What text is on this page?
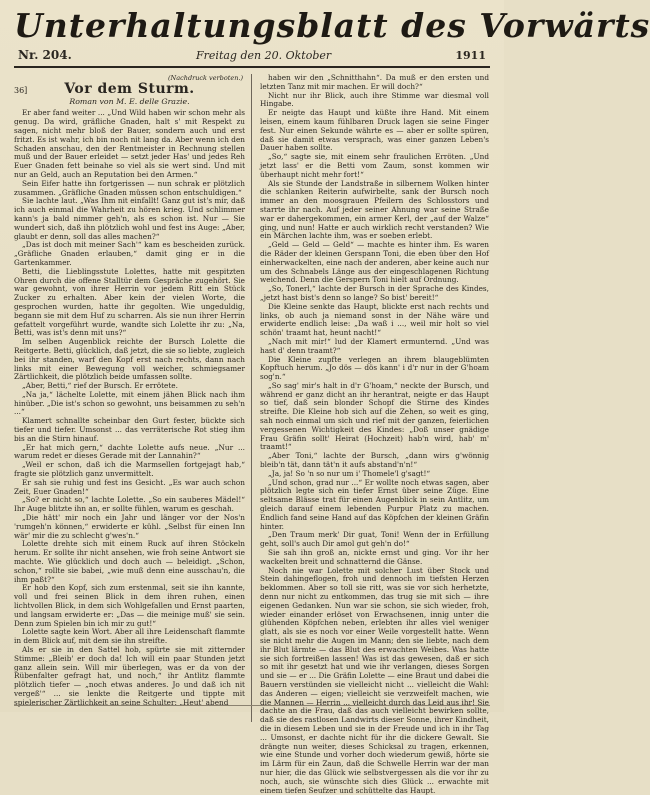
Unterhaltungsblatt des Vorwärts
Nr. 204.	Freitag den 20. Oktober	1911
(Nachdruck verboten.)
36]	Vor dem Sturm.
Roman von M. E. delle Grazie.

Er aber fand weiter ... „Und Wild haben wir schon mehr als genug. Da wird, gräfliche Gnaden, halt s' mit Respekt zu sagen, nicht mehr bloß der Bauer, sondern auch und erst fritzt. Es ist wahr, ich bin noch nit lang da. Aber wenn ich den Schaden anschau, den der Rentmeister in Rechnung stellen muß und der Bauer erleidet — setzt jeder Has' und jedes Reh Euer Gnaden fett beinahe so viel als sie wert sind. Und mit nur an Geld, auch an Reputation bei den Armen.“

Sein Eifer hatte ihn fortgerissen — nun schrak er plötzlich zusammen. „Gräfliche Gnaden müssen schon entschuldigen.“

Sie lachte laut. „Was Ihm nit einfallt! Ganz gut ist's mir, daß ich auch einmal die Wahrheit zu hören krieg. Und schlimmer kann's ja bald nimmer geh'n, als es schon ist. Nur — Sie wundert sich, daß ihn plötzlich wohl und fest ins Auge: „Aber, glaubt er denn, soll das alles machen?“

„Das ist doch mit meiner Sach'“ kam es bescheiden zurück. „Gräfliche Gnaden erlauben,“ damit ging er in die Gartenkammer.

Betti, die Lieblingsstute Lolettes, hatte mit gespitzten Ohren durch die offene Stalltür dem Gespräche zugehört. Sie war gewohnt, von ihrer Herrin vor jedem Ritt ein Stück Zucker zu erhalten. Aber kein der vielen Worte, die gesprochen wurden, hatte ihr gegolten. Wie ungeduldig, begann sie mit dem Huf zu scharren. Als sie nun ihrer Herrin gefattelt vorgeführt wurde, wandte sich Lolette ihr zu: „Na, Betti, was ist's denn mit uns?“

Im selben Augenblick reichte der Bursch Lolette die Reitgerte. Betti, glücklich, daß jetzt, die sie so liebte, zugleich bei ihr standen, warf den Kopf erst nach rechts, dann nach links mit einer Bewegung voll weicher, schmiegsamer Zärtlichkeit, die plötzlich beide umfassen sollte.

„Aber, Betti,“ rief der Bursch. Er errötete.

„Na ja,“ lächelte Lolette, mit einem jähen Blick nach ihm hinüber. „Die ist's schon so gewohnt, uns beisammen zu seh'n ...“

Klamert schnallte scheinbar den Gurt fester, bückte sich tiefer und tiefer. Umsonst ... das verräterische Rot stieg ihm bis an die Stirn hinauf.

„Er hat mich gern,“ dachte Lolette aufs neue. „Nur ... warum redet er dieses Gerade mit der Lannahin?“

„Weil er schon, daß ich die Marmsellen fortgejagt hab,“ fragte sie plötzlich ganz unvermittelt.

Er sah sie ruhig und fest ins Gesicht. „Es war auch schon Zeit, Euer Gnaden!“

„So? er nicht so,“ lachte Lolette. „So ein sauberes Mädel!“ Ihr Auge blitzte ihn an, er sollte fühlen, warum es geschah.

„Die hätt' mir noch ein Jahr und länger vor der Nos'n 'rumgeh'n können,“ erwiderte er kühl. „Selbst für einen Inn wär' mir die zu schlecht g'wes'n.“

Lolette drehte sich mit einem Ruck auf ihren Stöckeln herum. Er sollte ihr nicht ansehen, wie froh seine Antwort sie machte. Wie glücklich und doch auch — beleidigt. „Schon, schon,“ rollte sie babei, „wie muß denn eine ausschau'n, die ihm paßt?“

Er hob den Kopf, sich zum erstenmal, seit sie ihn kannte, voll und frei seinen Blick in dem ihren ruhen, einen lichtvollen Blick, in dem sich Wohlgefallen und Ernst paarten, und langsam erwiderte er: „Das — die meinige muß' sie sein. Denn zum Spielen bin ich mir zu gut!“

Lolette sagte kein Wort. Aber all ihre Leidenschaft flammte in dem Blick auf, mit dem sie ihn streifte.

Als er sie in den Sattel hob, spürte sie mit zitternder Stimme: „Bleib' er doch da! Ich will ein paar Stunden jetzt ganz allein sein. Will mir überlegen, was er da von der Rübenfalter gefragt hat, und noch,“ ihr Antlitz flammte plötzlich tiefer — „noch etwas anderes. Jo und daß ich nit vergeß'“ ... sie lenkte die Reitgerte und tippte mit spielerischer Zärtlichkeit an seine Schulter: „Heut' abend

haben wir den „Schnitthahn“. Da muß er den ersten und letzten Tanz mit mir machen. Er will doch?“

Nicht nur ihr Blick, auch ihre Stimme war diesmal voll Hingabe.

Er neigte das Haupt und küßte ihre Hand. Mit einem leisen, einem kaum fühlbaren Druck lagen sie seine Finger fest. Nur einen Sekunde währte es — aber er sollte spüren, daß sie damit etwas versprach, was einer ganzen Leben's Dauer haben sollte.

„So,“ sagte sie, mit einem sehr fraulichen Erröten. „Und jetzt lass' er die Betti vom Zaum, sonst kommen wir überhaupt nicht mehr fort!“

Als sie Stunde der Landstraße in silbernem Wolken hinter die schlanken Reiterin aufwirbelte, sank der Bursch noch immer an den moosgrauen Pfeilern des Schlosstors und starrte ihr nach. Auf jeder seiner Ahnung war seine Straße war er dahergekommen, ein armer Kerl, der „auf der Walze“ ging, und nun! Hatte er auch wirklich recht verstanden? Wie ein Märchen lachte ihm, was er soeben erlebt.

„Geld — Geld — Geld“ — machte es hinter ihm. Es waren die Räder der kleinen Gerspann Toni, die eben über den Hof einherwackelten, eine nach der anderen, aber keine auch nur um des Schnabels Länge aus der eingeschlagenen Richtung weichend. Denn die Gerspern Toni hielt auf Ordnung.

„So, Tonerl,“ lachte der Bursch in der Sprache des Kindes, „jetzt hast bist's denn so lange? So bist' bereit!“

Die Kleine senkte das Haupt, blickte erst nach rechts und links, ob auch ja niemand sonst in der Nähe wäre und erwiderte endlich leise: „Da waß i ..., weil mir holt so viel schön' traamt hat, heunt nacht!“

„Nach mit mir!“ lud der Klamert ermunternd. „Und was hast d' denn traamt?“

Die Kleine zupfte verlegen an ihrem blaugeblümten Kopftuch herum. „Jo dös — dös kann' i d'r nur in der G'hoam sog'n.“

„So sag' mir's halt in d'r G'hoam,“ neckte der Bursch, und während er ganz dicht an ihr herantrat, neigte er das Haupt so tief, daß sein blonder Schopf die Stirne des Kindes streifte. Die Kleine hob sich auf die Zehen, so weit es ging, sah noch einmal um sich und rief mit der ganzen, feierlichen vergessenen Wichtigkeit des Kindes: „Doß unser gnädige Frau Gräfin sollt' Heirat (Hochzeit) hab'n wird, hab' m' traamt!“

„Aber Toni,“ lachte der Bursch, „dann wirs g'wönnig bleib'n tät, dann tät'n it aufs abstand'n'n!“

„Ja, ja! So 'n so nur um i' Thomele'l g'sagt!“

„Und schon, grad nur ...“ Er wollte noch etwas sagen, aber plötzlich legte sich ein tiefer Ernst über seine Züge. Eine seltsame Blässe trat für einen Augenblick in sein Antlitz, um gleich darauf einem lebenden Purpur Platz zu machen. Endlich fand seine Hand auf das Köpfchen der kleinen Gräfin hinter.

„Den Traum merk' Dir guat, Toni! Wenn der in Erfüllung geht, soll's auch Dir amol gut geh'n do!“

Sie sah ihn groß an, nickte ernst und ging. Vor ihr her wackelten breit und schnatternd die Gänse.

Noch nie war Lolette mit solcher Lust über Stock und Stein dahingeflogen, froh und dennoch im tiefsten Herzen beklommen. Aber so toll sie ritt, was sie vor sich herhetzte, denn nur nicht zu entkommen, das trug sie mit sich — ihre eigenen Gedanken. Nun war sie schon, sie sich wieder, froh, wieder einander erlöset von Erwachsenen, innig unter die glühenden Köpfchen neben, erlebten ihr alles viel weniger glatt, als sie es noch vor einer Weile vorgestellt hatte. Wenn sie nicht mehr die Augen im Mann; den sie liebte, nach dem ihr Blut lärmte — das Blut des erwachten Weibes. Was hatte sie sich fortreißen lassen! Was ist das gewesen, daß er sich so mit ihr gesetzt hat und wie ihr verlangen, dieses Sorgen und sie — er ... Die Gräfin Lolette — eine Braut und dabei die Bauern verstünden sie vielleicht nicht ... vielleicht die Wahl: das Anderen — eigen; vielleicht sie verzweifelt machen, wie die Mannen — Herrin ... vielleicht durch das Leid aus ihr! Sie dachte an die Frau, daß das auch vielleicht bewirken sollte, daß sie des rastlosen Landwirts dieser Sonne, ihrer Kindheit, die in diesem Leben und sie in der Freude und ich in ihr Tag ... Umsonst, er dachte nicht für ihr die dickere Gewalt. Sie drängte nun weiter, dieses Schicksal zu tragen, erkennen, wie eine Stunde und vorher doch wiederum gewiß, hörte sie im Lärm für ein Zaun, daß die Schwelle Herrin war der man nur hier, die das Glück wie selbstvergessen als die vor ihr zu noch, auch, sie wünschte sich dies Glück ... erwachte mit einem tiefen Seufzer und schüttelte das Haupt.
